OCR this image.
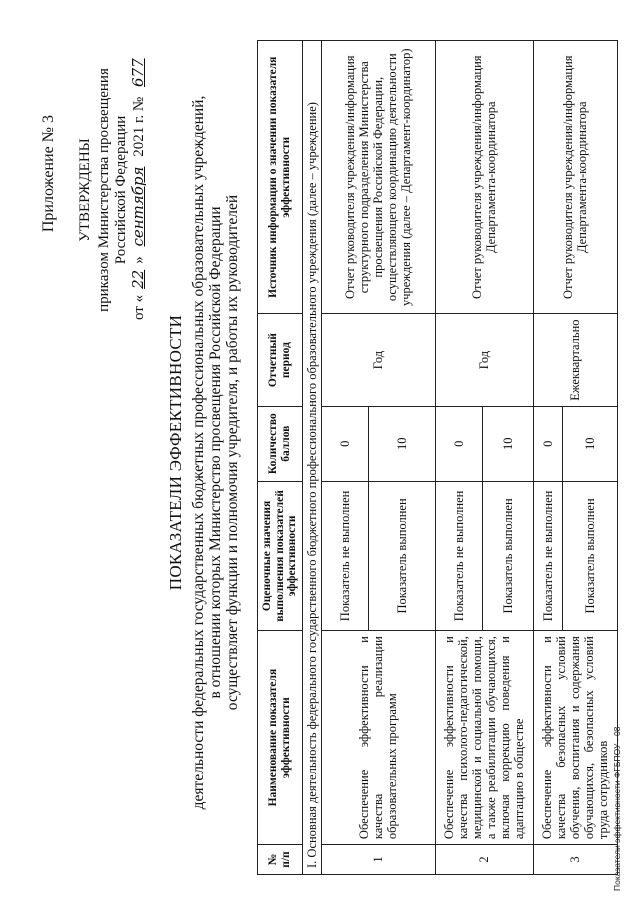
Приложение № 3 УТВЕРЖДЕНЫ приказом Министерства просвещения Российской Федерации
от «22» сентября 2021 г. № 677
ПОКАЗАТЕЛИ ЭФФЕКТИВНОСТИ деятельности федеральных государственных бюджетных профессиональных образовательных учреждений, в отношении которых Министерство просвещения Российской Федерации осуществляет функции и полномочия учредителя, и работы их руководителей
№ п/п	Наименование показателя эффективности	Оценочные значения выполнения показателей эффективности	Количество баллов	Отчетный период	Источник информации о значении показателя эффективности
I. Основная деятельность федерального государственного бюджетного профессионального образовательного учреждения (далее – учреждение)					
1	Обеспечение эффективности и качества реализации образовательных программ	Показатель не выполнен	0	Год	Отчет руководителя учреждения/информация структурного подразделения Министерства просвещения Российской Федерации, осуществляющего координацию деятельности учреждения (далее – Департамент-координатор)
		Показатель выполнен	10		
2	Обеспечение эффективности и качества психолого-педагогической, медицинской и социальной помощи, а также реабилитации обучающихся, включая коррекцию поведения и адаптацию в обществе	Показатель не выполнен	0	Год	Отчет руководителя учреждения/информация Департамента-координатора
		Показатель выполнен	10		
3	Обеспечение эффективности и качества безопасных условий обучения, воспитания и содержания обучающихся, безопасных условий труда сотрудников	Показатель не выполнен	0	Ежеквартально	Отчет руководителя учреждения/информация Департамента-координатора
		Показатель выполнен	10		
Показатели эффективности ФГБПОУ - 08
